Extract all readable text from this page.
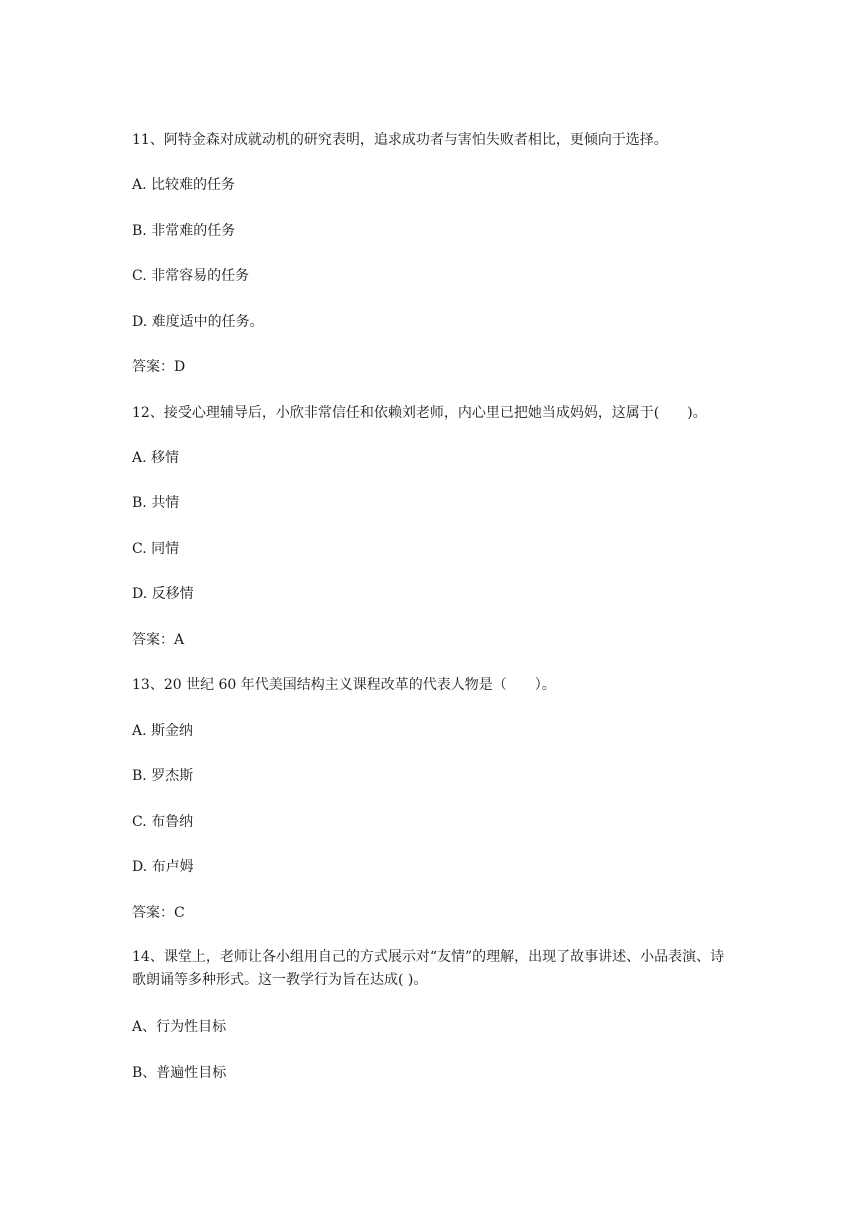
11、阿特金森对成就动机的研究表明，追求成功者与害怕失败者相比，更倾向于选择。
A. 比较难的任务
B. 非常难的任务
C. 非常容易的任务
D. 难度适中的任务。
答案：D
12、接受心理辅导后，小欣非常信任和依赖刘老师，内心里已把她当成妈妈，这属于(　　)。
A. 移情
B. 共情
C. 同情
D. 反移情
答案：A
13、20 世纪 60 年代美国结构主义课程改革的代表人物是（　　）。
A. 斯金纳
B. 罗杰斯
C. 布鲁纳
D. 布卢姆
答案：C
14、课堂上，老师让各小组用自己的方式展示对“友情”的理解，出现了故事讲述、小品表演、诗歌朗诵等多种形式。这一教学行为旨在达成( )。
A、行为性目标
B、普遍性目标
